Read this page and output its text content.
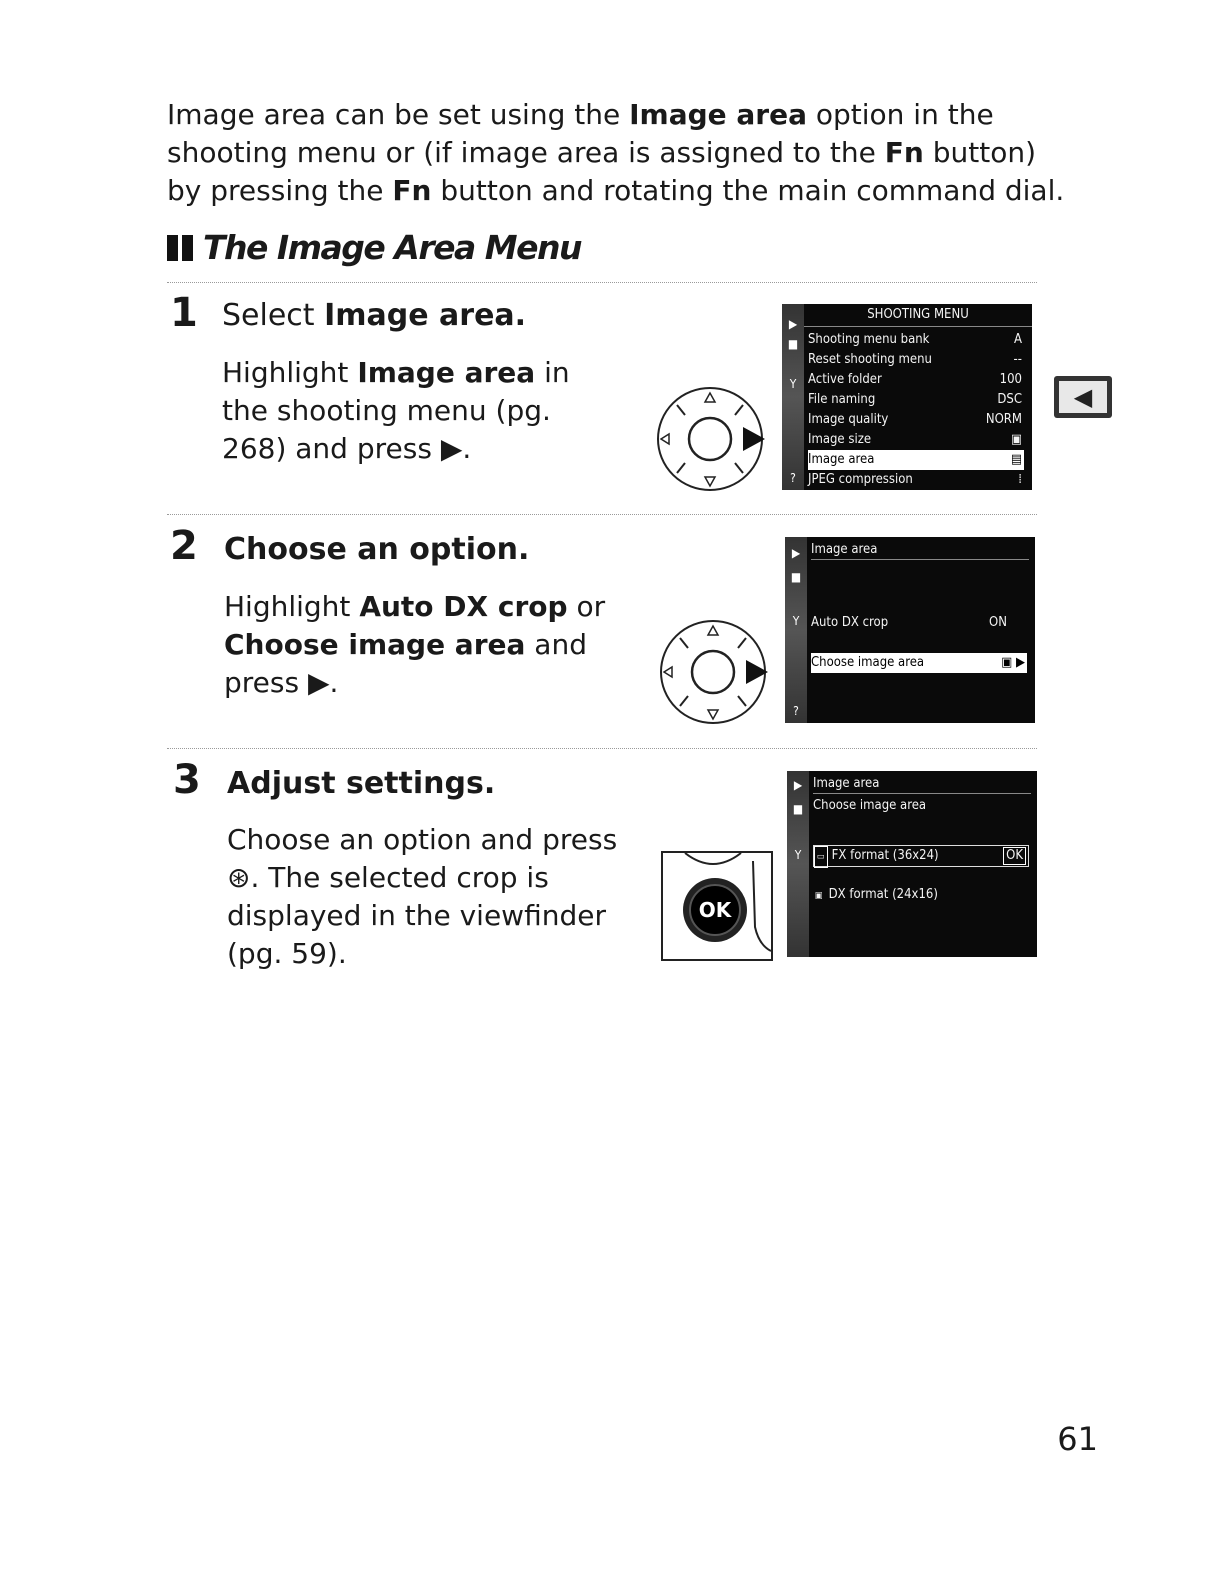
Image area can be set using the Image area option in the shooting menu or (if image area is assigned to the Fn button) by pressing the Fn button and rotating the main command dial.
The Image Area Menu
1 Select Image area.
Highlight Image area in the shooting menu (pg. 268) and press ▶.
▶
■
Y
?
SHOOTING MENU
Shooting menu bank	A
Reset shooting menu	--
Active folder	100
File naming	DSC
Image quality	NORM
Image size	▣
Image area	▤
JPEG compression	⁞
◀
2 Choose an option.
Highlight Auto DX crop or Choose image area and press ▶.
▶
■
Y
?
Image area
Auto DX crop	ON
Choose image area	▣ ▶
3 Adjust settings.
Choose an option and press ⊛. The selected crop is displayed in the viewfinder (pg. 59).
OK
▶
■
Y
Image area
Choose image area
▭ FX format (36x24)	OK
▣ DX format (24x16)
61
